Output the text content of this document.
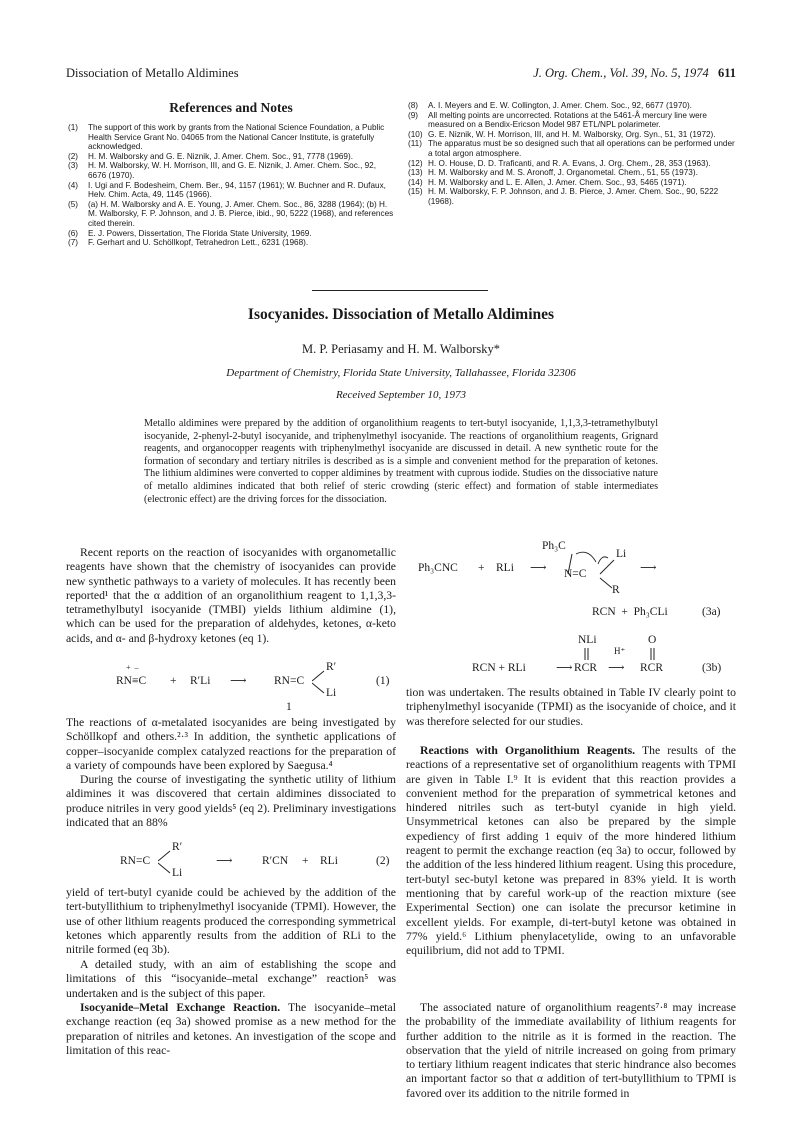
Dissociation of Metallo Aldimines	J. Org. Chem., Vol. 39, No. 5, 1974 611
References and Notes

(1) The support of this work by grants from the National Science Foundation, a Public Health Service Grant No. 04065 from the National Cancer Institute, is gratefully acknowledged.

(2) H. M. Walborsky and G. E. Niznik, J. Amer. Chem. Soc., 91, 7778 (1969).

(3) H. M. Walborsky, W. H. Morrison, III, and G. E. Niznik, J. Amer. Chem. Soc., 92, 6676 (1970).

(4) I. Ugi and F. Bodesheim, Chem. Ber., 94, 1157 (1961); W. Buchner and R. Dufaux, Helv. Chim. Acta, 49, 1145 (1966).

(5) (a) H. M. Walborsky and A. E. Young, J. Amer. Chem. Soc., 86, 3288 (1964); (b) H. M. Walborsky, F. P. Johnson, and J. B. Pierce, ibid., 90, 5222 (1968), and references cited therein.

(6) E. J. Powers, Dissertation, The Florida State University, 1969.

(7) F. Gerhart and U. Schöllkopf, Tetrahedron Lett., 6231 (1968).

(8) A. I. Meyers and E. W. Collington, J. Amer. Chem. Soc., 92, 6677 (1970).

(9) All melting points are uncorrected. Rotations at the 5461-Å mercury line were measured on a Bendix-Ericson Model 987 ETL/NPL polarimeter.

(10) G. E. Niznik, W. H. Morrison, III, and H. M. Walborsky, Org. Syn., 51, 31 (1972).

(11) The apparatus must be so designed such that all operations can be performed under a total argon atmosphere.

(12) H. O. House, D. D. Traficanti, and R. A. Evans, J. Org. Chem., 28, 353 (1963).

(13) H. M. Walborsky and M. S. Aronoff, J. Organometal. Chem., 51, 55 (1973).

(14) H. M. Walborsky and L. E. Allen, J. Amer. Chem. Soc., 93, 5465 (1971).

(15) H. M. Walborsky, F. P. Johnson, and J. B. Pierce, J. Amer. Chem. Soc., 90, 5222 (1968).

Isocyanides. Dissociation of Metallo Aldimines
M. P. Periasamy and H. M. Walborsky*
Department of Chemistry, Florida State University, Tallahassee, Florida 32306
Received September 10, 1973

Metallo aldimines were prepared by the addition of organolithium reagents to tert-butyl isocyanide, 1,1,3,3-tetramethylbutyl isocyanide, 2-phenyl-2-butyl isocyanide, and triphenylmethyl isocyanide. The reactions of organolithium reagents, Grignard reagents, and organocopper reagents with triphenylmethyl isocyanide are discussed in detail. A new synthetic route for the formation of secondary and tertiary nitriles is described as is a simple and convenient method for the preparation of ketones. The lithium aldimines were converted to copper aldimines by treatment with cuprous iodide. Studies on the dissociative nature of metallo aldimines indicated that both relief of steric crowding (steric effect) and formation of stable intermediates (electronic effect) are the driving forces for the dissociation.

Recent reports on the reaction of isocyanides with organometallic reagents have shown that the chemistry of isocyanides can provide new synthetic pathways to a variety of molecules. It has recently been reported¹ that the α addition of an organolithium reagent to 1,1,3,3-tetramethylbutyl isocyanide (TMBI) yields lithium aldimine (1), which can be used for the preparation of aldehydes, ketones, α-keto acids, and α- and β-hydroxy ketones (eq 1).

RN≡C
+  –
+ R′Li ⟶ RN=C
R′
Li
(1)
1

The reactions of α-metalated isocyanides are being investigated by Schöllkopf and others.²·³ In addition, the synthetic applications of copper–isocyanide complex catalyzed reactions for the preparation of a variety of compounds have been explored by Saegusa.⁴

During the course of investigating the synthetic utility of lithium aldimines it was discovered that certain aldimines dissociated to produce nitriles in very good yields⁵ (eq 2). Preliminary investigations indicated that an 88%

RN=C
R′
Li
⟶	R′CN + RLi	(2)

yield of tert-butyl cyanide could be achieved by the addition of the tert-butyllithium to triphenylmethyl isocyanide (TPMI). However, the use of other lithium reagents produced the corresponding symmetrical ketones which apparently results from the addition of RLi to the nitrile formed (eq 3b).

A detailed study, with an aim of establishing the scope and limitations of this “isocyanide–metal exchange” reaction⁵ was undertaken and is the subject of this paper.

Isocyanide–Metal Exchange Reaction. The isocyanide–metal exchange reaction (eq 3a) showed promise as a new method for the preparation of nitriles and ketones. An investigation of the scope and limitation of this reac-

Ph₃CNC + RLi ⟶
Ph₃C
N=C
Li
R
⟶
RCN  +  Ph₃CLi	(3a)
RCN + RLi	⟶
NLi
RCR
H⁺
⟶
O
RCR	(3b)

tion was undertaken. The results obtained in Table IV clearly point to triphenylmethyl isocyanide (TPMI) as the isocyanide of choice, and it was therefore selected for our studies.

Reactions with Organolithium Reagents. The results of the reactions of a representative set of organolithium reagents with TPMI are given in Table I.⁹ It is evident that this reaction provides a convenient method for the preparation of symmetrical ketones and hindered nitriles such as tert-butyl cyanide in high yield. Unsymmetrical ketones can also be prepared by the simple expediency of first adding 1 equiv of the more hindered lithium reagent to permit the exchange reaction (eq 3a) to occur, followed by the addition of the less hindered lithium reagent. Using this procedure, tert-butyl sec-butyl ketone was prepared in 83% yield. It is worth mentioning that by careful work-up of the reaction mixture (see Experimental Section) one can isolate the precursor ketimine in excellent yields. For example, di-tert-butyl ketone was obtained in 77% yield.⁶ Lithium phenylacetylide, owing to an unfavorable equilibrium, did not add to TPMI.

The associated nature of organolithium reagents⁷·⁸ may increase the probability of the immediate availability of lithium reagents for further addition to the nitrile as it is formed in the reaction. The observation that the yield of nitrile increased on going from primary to tertiary lithium reagent indicates that steric hindrance also becomes an important factor so that α addition of tert-butyllithium to TPMI is favored over its addition to the nitrile formed in
